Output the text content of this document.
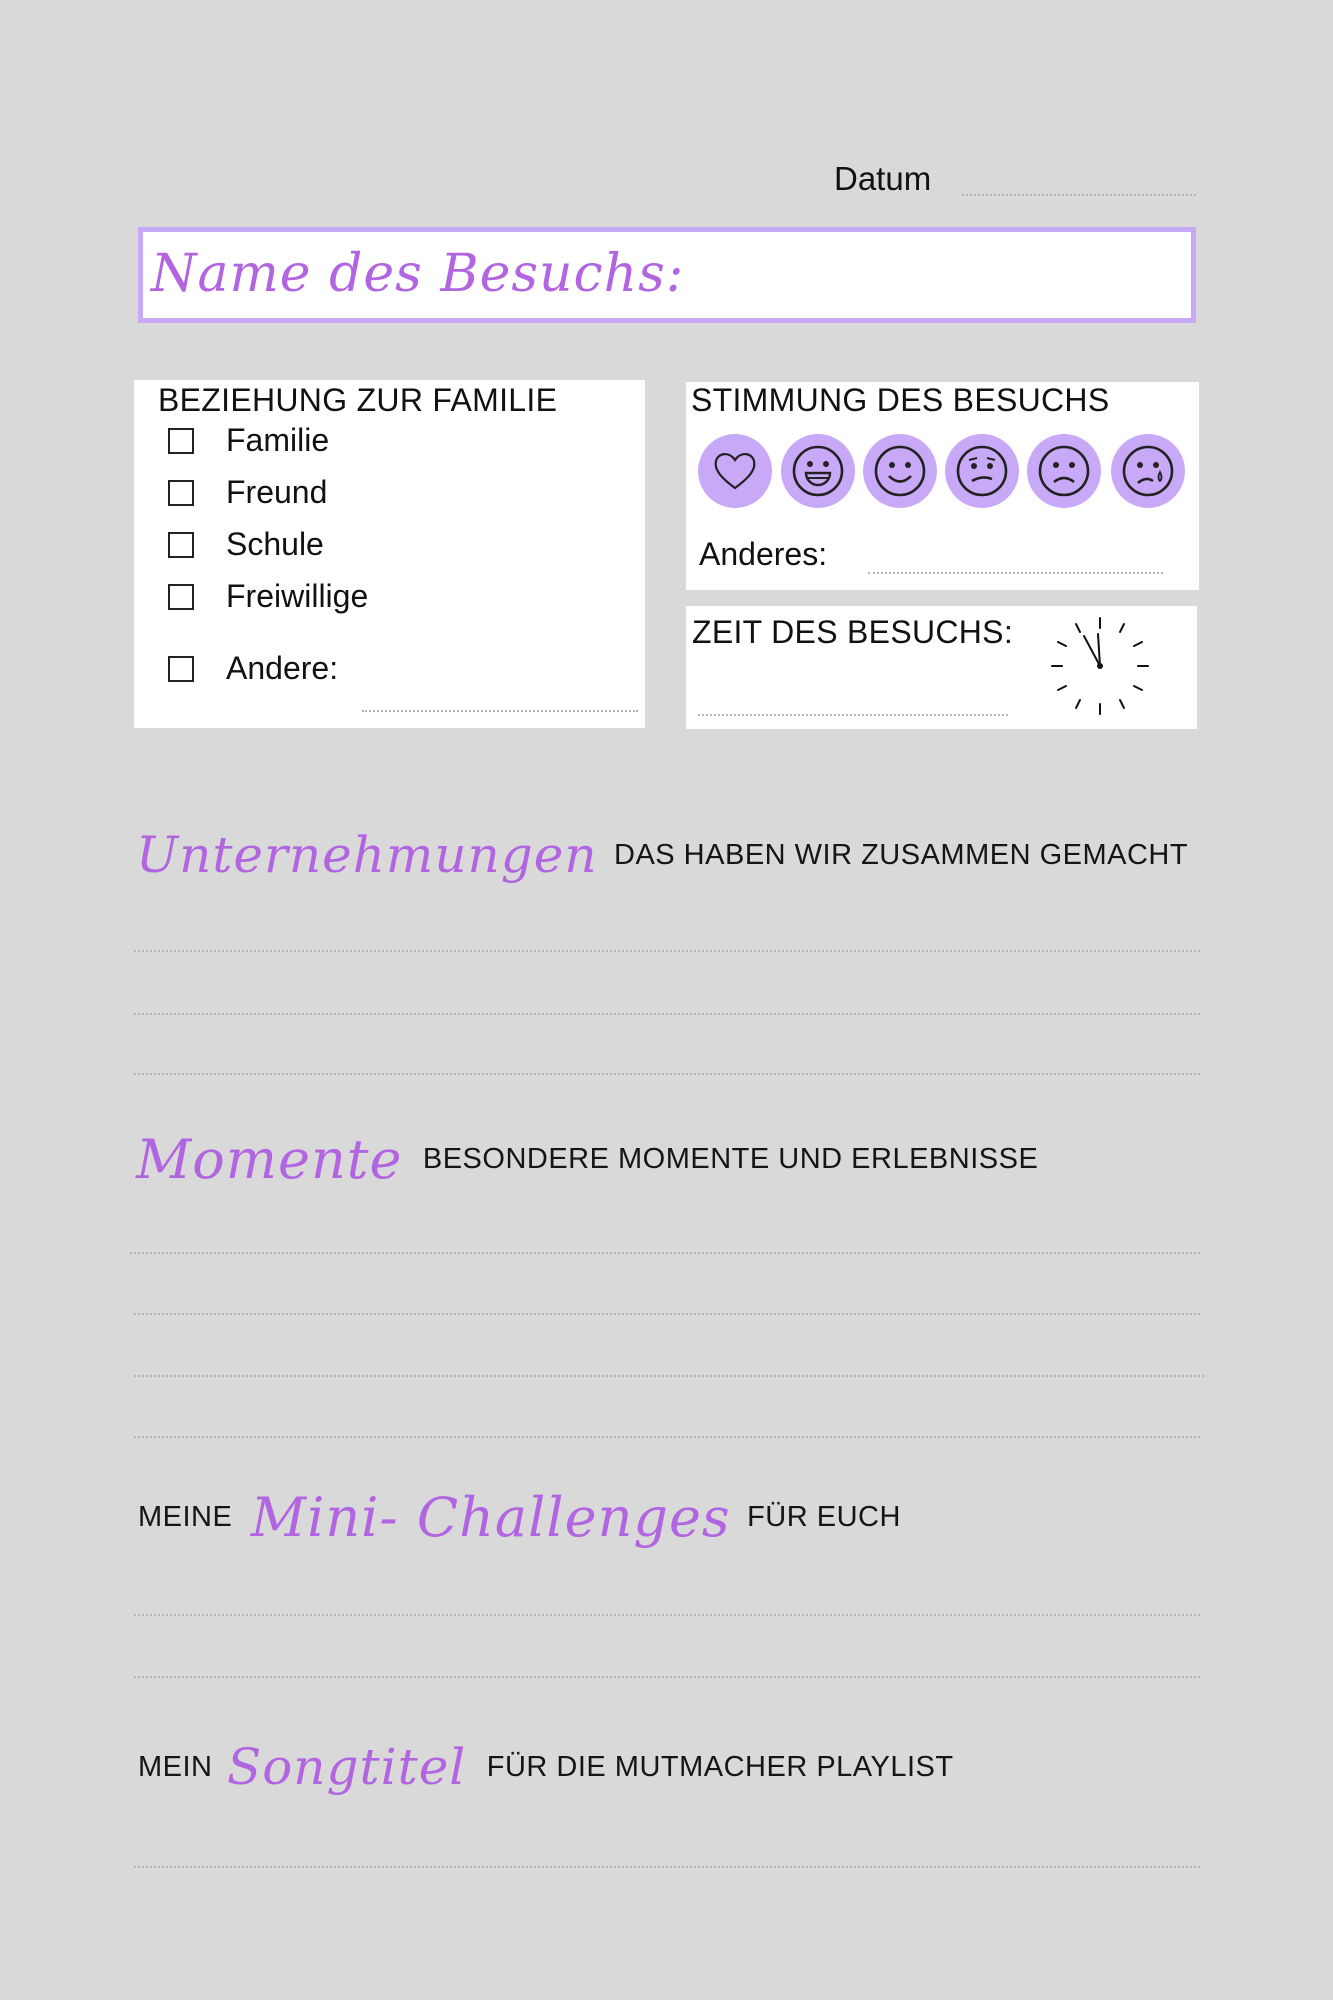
Datum
Name des Besuchs:
BEZIEHUNG ZUR FAMILIE
Familie
Freund
Schule
Freiwillige
Andere:
STIMMUNG DES BESUCHS
Anderes:
ZEIT DES BESUCHS:
Unternehmungen DAS HABEN WIR ZUSAMMEN GEMACHT
Momente BESONDERE MOMENTE UND ERLEBNISSE
MEINE Mini- Challenges FÜR EUCH
MEIN Songtitel FÜR DIE MUTMACHER PLAYLIST
